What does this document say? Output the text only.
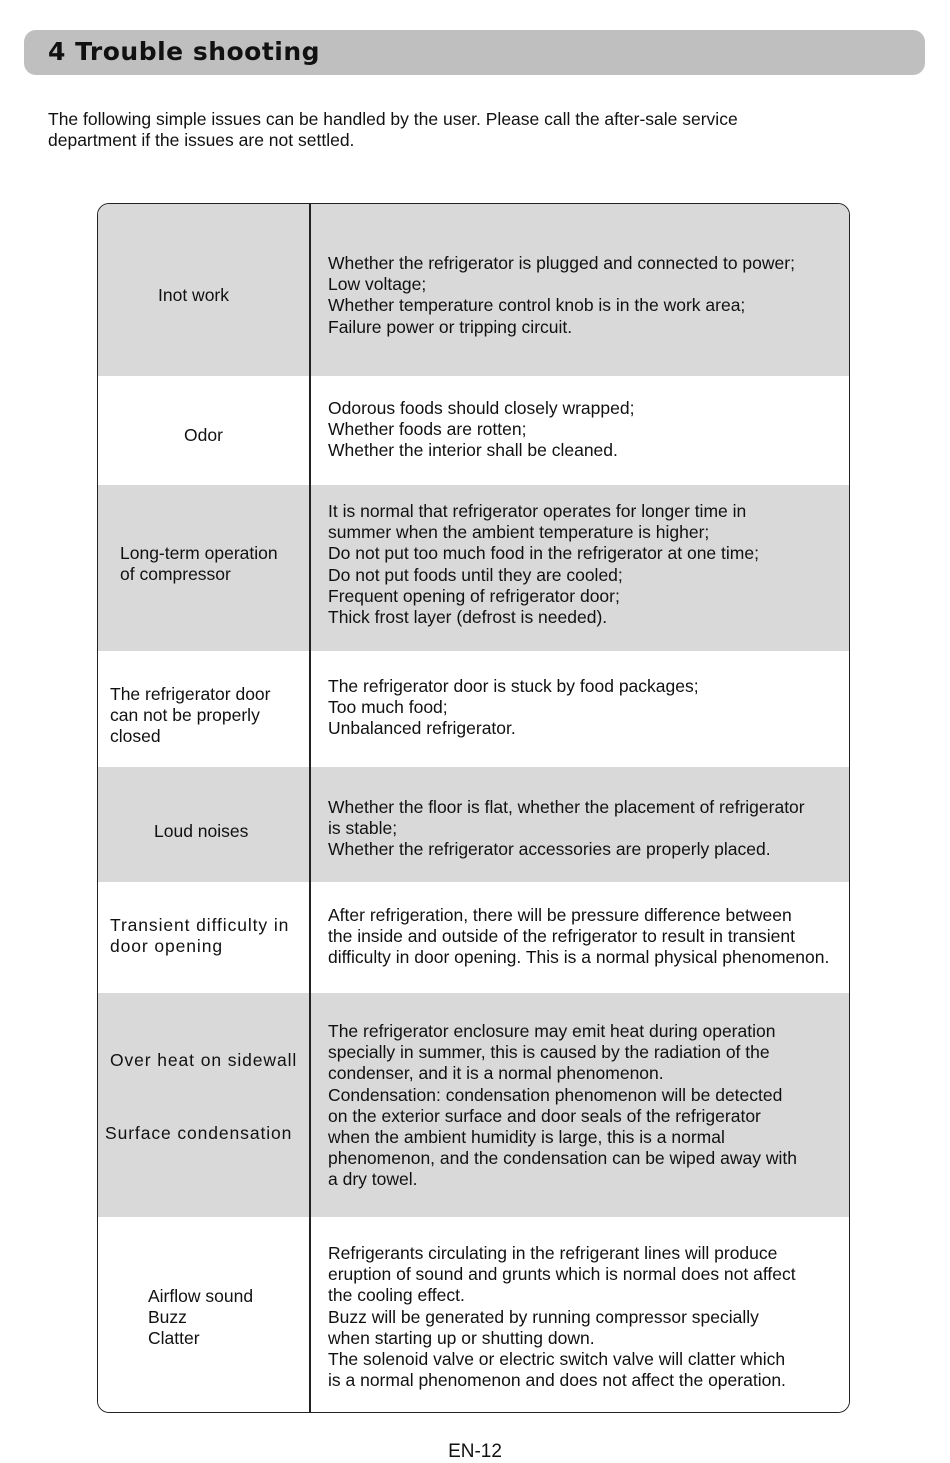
4 Trouble shooting

The following simple issues can be handled by the user. Please call the after-sale service

department if the issues are not settled.

Inot work
Whether the refrigerator is plugged and connected to power;
Low voltage;
Whether temperature control knob is in the work area;
Failure power or tripping circuit.
Odor
Odorous foods should closely wrapped;
Whether foods are rotten;
Whether the interior shall be cleaned.
Long-term operation
of compressor
It is normal that refrigerator operates for longer time in
summer when the ambient temperature is higher;
Do not put too much food in the refrigerator at one time;
Do not put foods until they are cooled;
Frequent opening of refrigerator door;
Thick frost layer (defrost is needed).
The refrigerator door
can not be properly
closed
The refrigerator door is stuck by food packages;
Too much food;
Unbalanced refrigerator.
Loud noises
Whether the floor is flat, whether the placement of refrigerator
is stable;
Whether the refrigerator accessories are properly placed.
Transient difficulty in
door opening
After refrigeration, there will be pressure difference between
the inside and outside of the refrigerator to result in transient
difficulty in door opening. This is a normal physical phenomenon.
Over heat on sidewall
Surface condensation
The refrigerator enclosure may emit heat during operation
specially in summer, this is caused by the radiation of the
condenser, and it is a normal phenomenon.
Condensation: condensation phenomenon will be detected
on the exterior surface and door seals of the refrigerator
when the ambient humidity is large, this is a normal
phenomenon, and the condensation can be wiped away with
a dry towel.
Airflow sound
Buzz
Clatter
Refrigerants circulating in the refrigerant lines will produce
eruption of sound and grunts which is normal does not affect
the cooling effect.
Buzz will be generated by running compressor specially
when starting up or shutting down.
The solenoid valve or electric switch valve will clatter which
is a normal phenomenon and does not affect the operation.
EN-12
